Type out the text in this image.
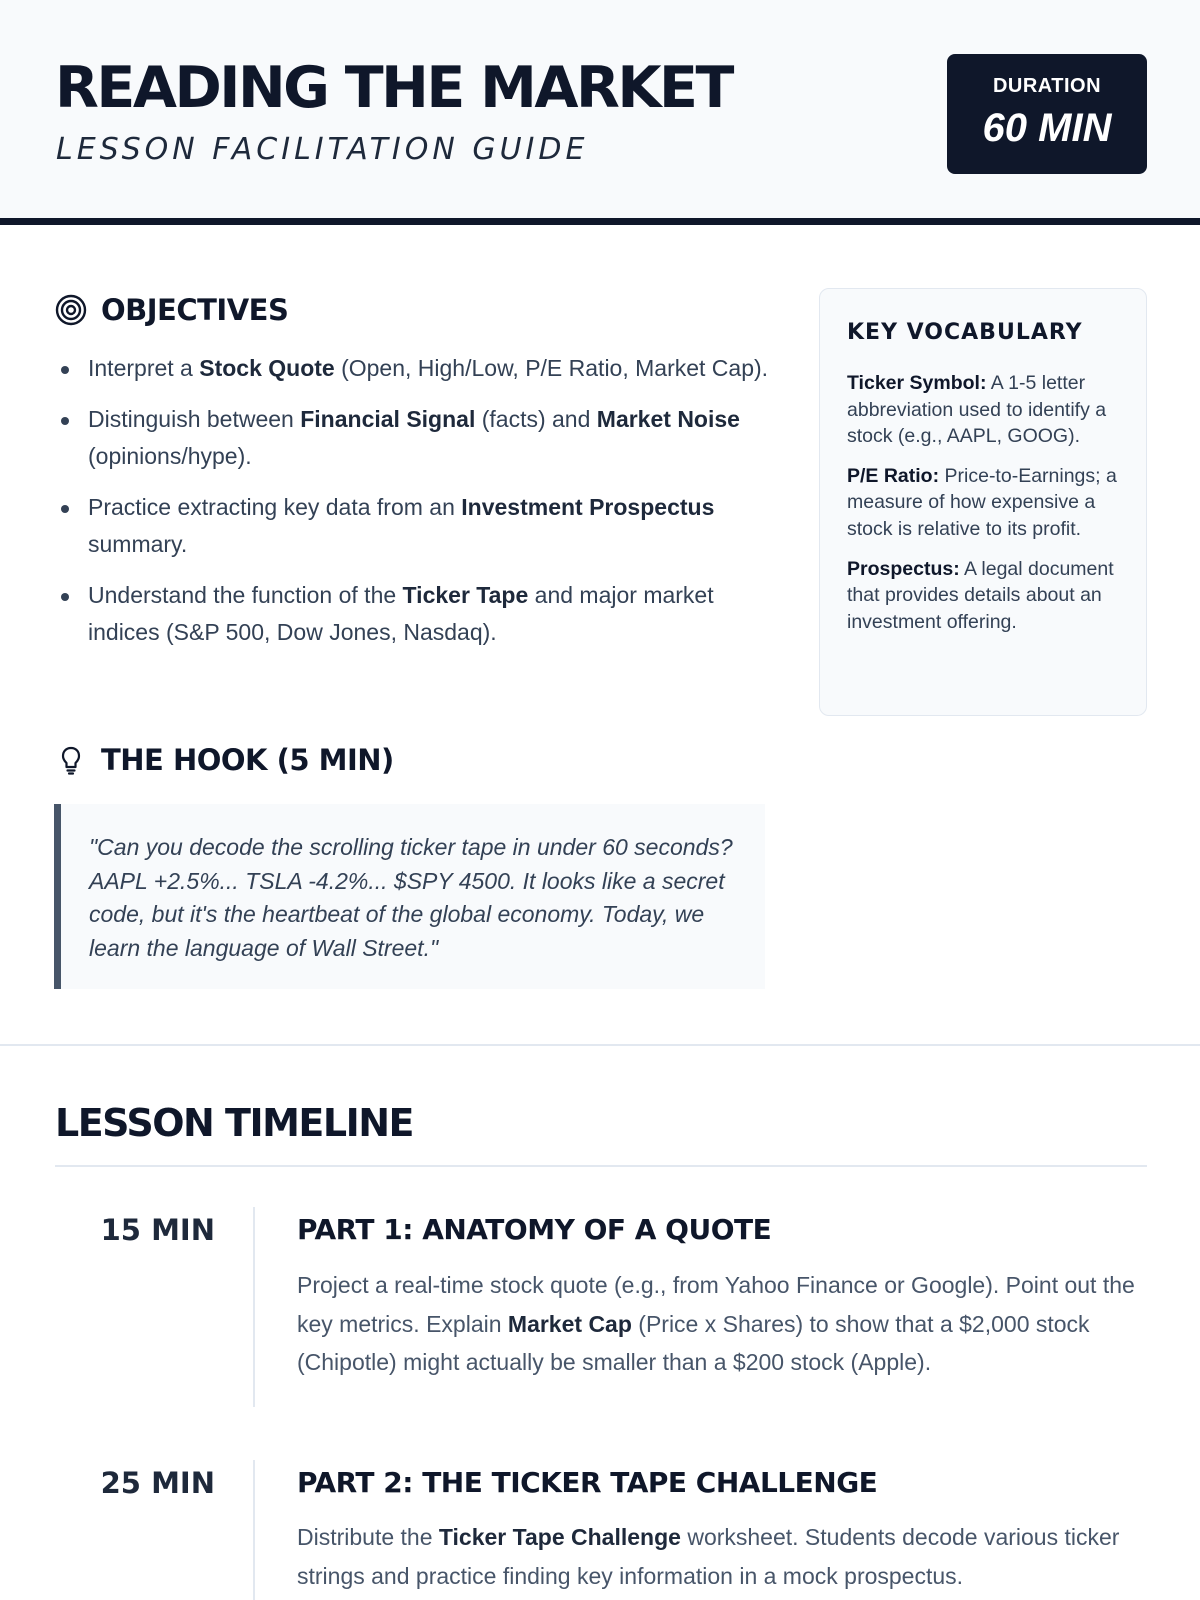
READING THE MARKET
LESSON FACILITATION GUIDE
DURATION
60 MIN
OBJECTIVES
Interpret a Stock Quote (Open, High/Low, P/E Ratio, Market Cap).
Distinguish between Financial Signal (facts) and Market Noise (opinions/hype).
Practice extracting key data from an Investment Prospectus summary.
Understand the function of the Ticker Tape and major market indices (S&P 500, Dow Jones, Nasdaq).
KEY VOCABULARY
Ticker Symbol: A 1-5 letter abbreviation used to identify a stock (e.g., AAPL, GOOG).
P/E Ratio: Price-to-Earnings; a measure of how expensive a stock is relative to its profit.
Prospectus: A legal document that provides details about an investment offering.
THE HOOK (5 MIN)
"Can you decode the scrolling ticker tape in under 60 seconds? AAPL +2.5%... TSLA -4.2%... $SPY 4500. It looks like a secret code, but it's the heartbeat of the global economy. Today, we learn the language of Wall Street."
LESSON TIMELINE
15 MIN	PART 1: ANATOMY OF A QUOTE
Project a real-time stock quote (e.g., from Yahoo Finance or Google). Point out the key metrics. Explain Market Cap (Price x Shares) to show that a $2,000 stock (Chipotle) might actually be smaller than a $200 stock (Apple).
25 MIN	PART 2: THE TICKER TAPE CHALLENGE
Distribute the Ticker Tape Challenge worksheet. Students decode various ticker strings and practice finding key information in a mock prospectus.
